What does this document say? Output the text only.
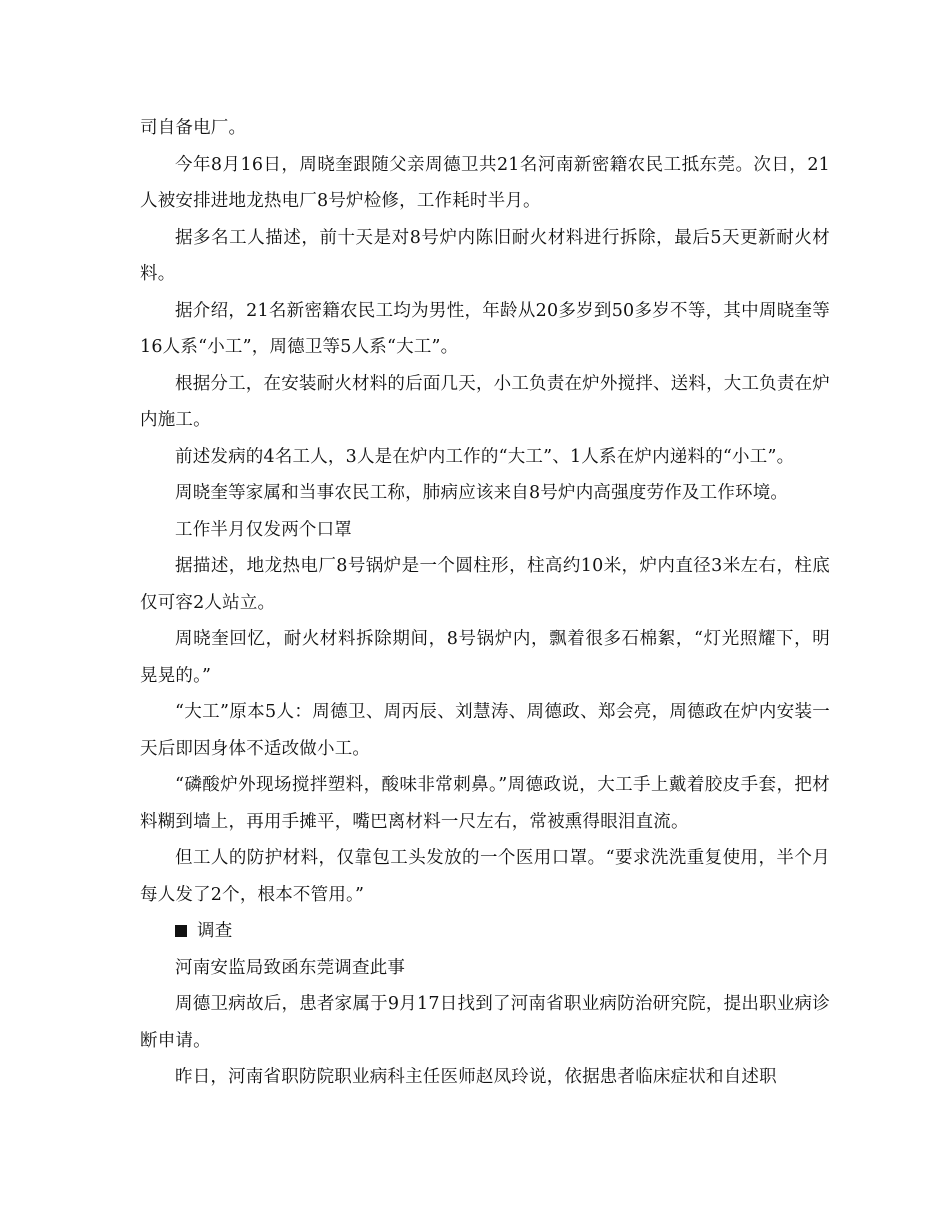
司自备电厂。

今年8月16日，周晓奎跟随父亲周德卫共21名河南新密籍农民工抵东莞。次日，21人被安排进地龙热电厂8号炉检修，工作耗时半月。

据多名工人描述，前十天是对8号炉内陈旧耐火材料进行拆除，最后5天更新耐火材料。

据介绍，21名新密籍农民工均为男性，年龄从20多岁到50多岁不等，其中周晓奎等16人系“小工”，周德卫等5人系“大工”。

根据分工，在安装耐火材料的后面几天，小工负责在炉外搅拌、送料，大工负责在炉内施工。

前述发病的4名工人，3人是在炉内工作的“大工”、1人系在炉内递料的“小工”。

周晓奎等家属和当事农民工称，肺病应该来自8号炉内高强度劳作及工作环境。

工作半月仅发两个口罩

据描述，地龙热电厂8号锅炉是一个圆柱形，柱高约10米，炉内直径3米左右，柱底仅可容2人站立。

周晓奎回忆，耐火材料拆除期间，8号锅炉内，飘着很多石棉絮，“灯光照耀下，明晃晃的。”

“大工”原本5人：周德卫、周丙辰、刘慧涛、周德政、郑会亮，周德政在炉内安装一天后即因身体不适改做小工。

“磷酸炉外现场搅拌塑料，酸味非常刺鼻。”周德政说，大工手上戴着胶皮手套，把材料糊到墙上，再用手摊平，嘴巴离材料一尺左右，常被熏得眼泪直流。

但工人的防护材料，仅靠包工头发放的一个医用口罩。“要求洗洗重复使用，半个月每人发了2个，根本不管用。”

调查

河南安监局致函东莞调查此事

周德卫病故后，患者家属于9月17日找到了河南省职业病防治研究院，提出职业病诊断申请。

昨日，河南省职防院职业病科主任医师赵凤玲说，依据患者临床症状和自述职
